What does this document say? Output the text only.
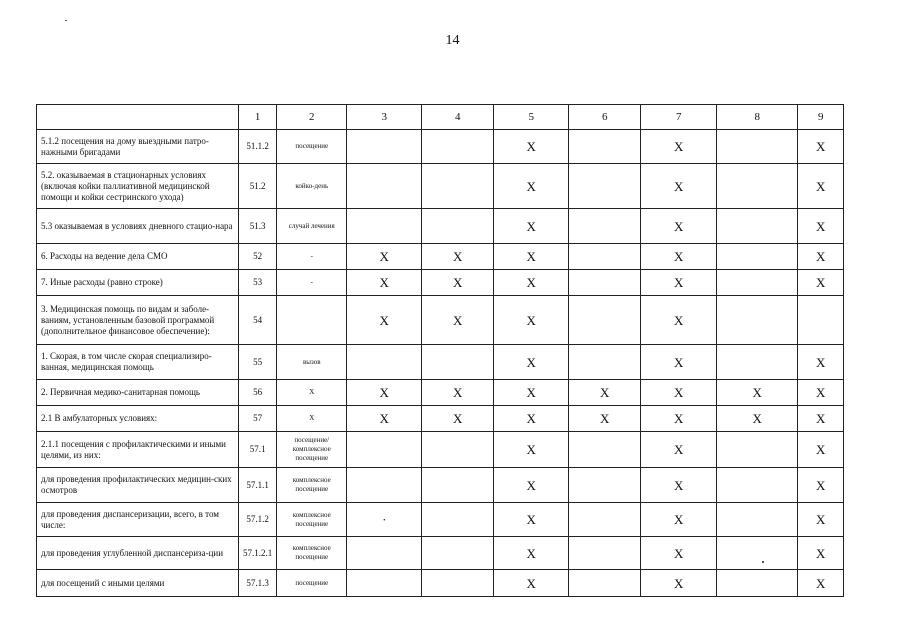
14
	1	2	3	4	5	6	7	8	9
5.1.2 посещения на дому выездными патро-нажными бригадами	51.1.2	посещение			X		X		X
5.2. оказываемая в стационарных условиях (включая койки паллиативной медицинской помощи и койки сестринского ухода)	51.2	койко-день			X		X		X
5.3 оказываемая в условиях дневного стацио-нара	51.3	случай лечения			X		X		X
6. Расходы на ведение дела СМО	52	-	X	X	X		X		X
7. Иные расходы (равно строке)	53	-	X	X	X		X		X
3. Медицинская помощь по видам и заболе-ваниям, установленным базовой программой (дополнительное финансовое обеспечение):	54		X	X	X		X		
1. Скорая, в том числе скорая специализиро-ванная, медицинская помощь	55	вызов			X		X		X
2. Первичная медико-санитарная помощь	56	X	X	X	X	X	X	X	X
2.1 В амбулаторных условиях:	57	X	X	X	X	X	X	X	X
2.1.1 посещения с профилактическими и иными целями, из них:	57.1	посещение/ комплексное посещение			X		X		X
для проведения профилактических медицин-ских осмотров	57.1.1	комплексное посещение			X		X		X
для проведения диспансеризации, всего, в том числе:	57.1.2	комплексное посещение	·		X		X		X
для проведения углубленной диспансериза-ции	57.1.2.1	комплексное посещение			X		X		X
для посещений с иными целями	57.1.3	посещение			X		X		X
